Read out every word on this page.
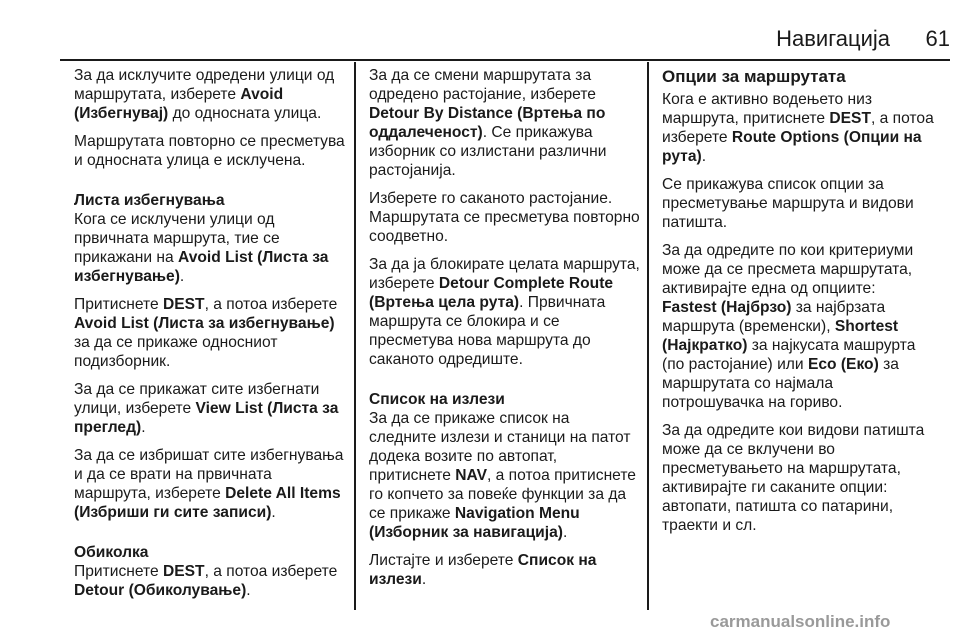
Навигација 61
За да исклучите одредени улици од маршрутата, изберете Avoid (Избегнувај) до односната улица.
Маршрутата повторно се пресметува и односната улица е исклучена.
Листа избегнувања
Кога се исклучени улици од првичната маршрута, тие се прикажани на Avoid List (Листа за избегнување).
Притиснете DEST, а потоа изберете Avoid List (Листа за избегнување) за да се прикаже односниот подизборник.
За да се прикажат сите избегнати улици, изберете View List (Листа за преглед).
За да се избришат сите избегнувања и да се врати на првичната маршрута, изберете Delete All Items (Избриши ги сите записи).
Обиколка
Притиснете DEST, а потоа изберете Detour (Обиколување).
За да се смени маршрутата за одредено растојание, изберете Detour By Distance (Вртења по оддалеченост). Се прикажува изборник со излистани различни растојанија.
Изберете го саканото растојание. Маршрутата се пресметува повторно соодветно.
За да ја блокирате целата маршрута, изберете Detour Complete Route (Вртења цела рута). Првичната маршрута се блокира и се пресметува нова маршрута до саканото одредиште.
Список на излези
За да се прикаже список на следните излези и станици на патот додека возите по автопат, притиснете NAV, а потоа притиснете го копчето за повеќе функции за да се прикаже Navigation Menu (Изборник за навигација).
Листајте и изберете Список на излези.
Опции за маршрутата
Кога е активно водењето низ маршрута, притиснете DEST, а потоа изберете Route Options (Опции на рута).
Се прикажува список опции за пресметување маршрута и видови патишта.
За да одредите по кои критериуми може да се пресмета маршрутата, активирајте една од опциите: Fastest (Најбрзо) за најбрзата маршрута (временски), Shortest (Најкратко) за најкусата машрурта (по растојание) или Eco (Еко) за маршрутата со најмала потрошувачка на гориво.
За да одредите кои видови патишта може да се вклучени во пресметувањето на маршрутата, активирајте ги саканите опции: автопати, патишта со патарини, траекти и сл.
carmanualsonline.info
